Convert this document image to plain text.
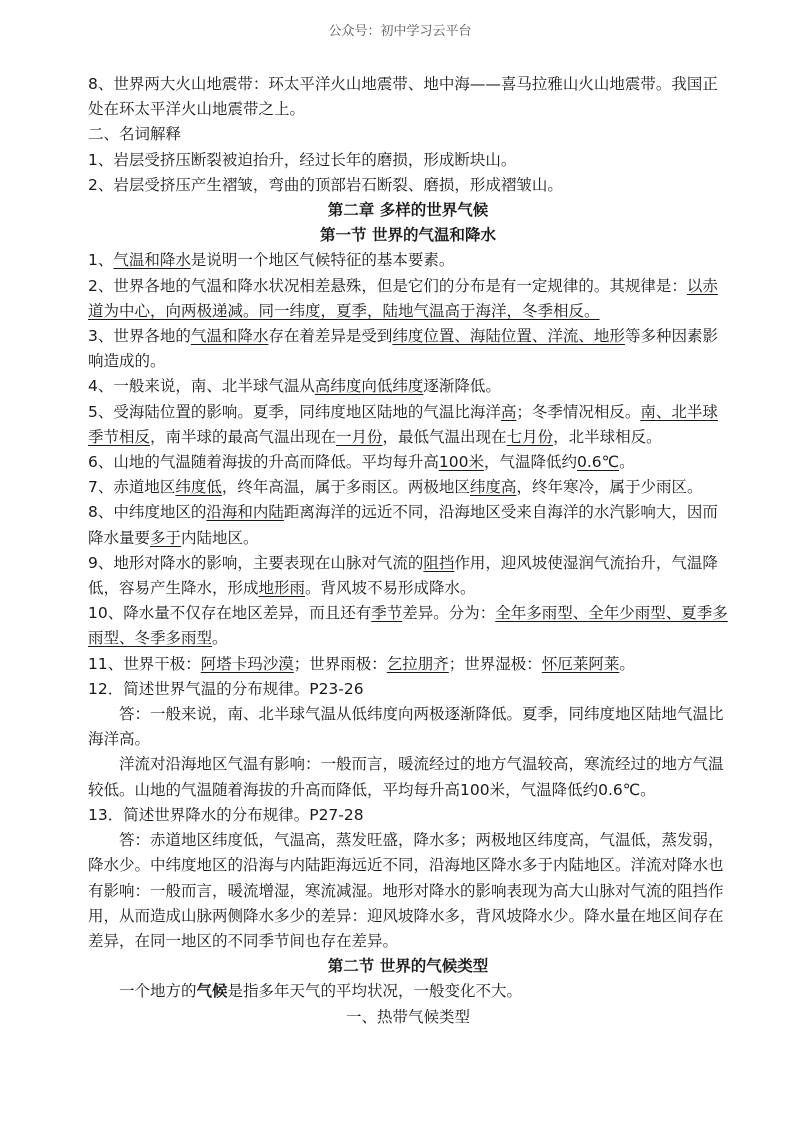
公众号：初中学习云平台

8、世界两大火山地震带：环太平洋火山地震带、地中海——喜马拉雅山火山地震带。我国正处在环太平洋火山地震带之上。

二、名词解释

1、岩层受挤压断裂被迫抬升，经过长年的磨损，形成断块山。

2、岩层受挤压产生褶皱，弯曲的顶部岩石断裂、磨损，形成褶皱山。

第二章 多样的世界气候

第一节 世界的气温和降水

1、气温和降水是说明一个地区气候特征的基本要素。

2、世界各地的气温和降水状况相差悬殊，但是它们的分布是有一定规律的。其规律是：以赤道为中心，向两极递减。同一纬度，夏季，陆地气温高于海洋，冬季相反。

3、世界各地的气温和降水存在着差异是受到纬度位置、海陆位置、洋流、地形等多种因素影响造成的。

4、一般来说，南、北半球气温从高纬度向低纬度逐渐降低。

5、受海陆位置的影响。夏季，同纬度地区陆地的气温比海洋高；冬季情况相反。南、北半球季节相反，南半球的最高气温出现在一月份，最低气温出现在七月份，北半球相反。

6、山地的气温随着海拔的升高而降低。平均每升高100米，气温降低约0.6℃。

7、赤道地区纬度低，终年高温，属于多雨区。两极地区纬度高，终年寒冷，属于少雨区。

8、中纬度地区的沿海和内陆距离海洋的远近不同，沿海地区受来自海洋的水汽影响大，因而降水量要多于内陆地区。

9、地形对降水的影响，主要表现在山脉对气流的阻挡作用，迎风坡使湿润气流抬升，气温降低，容易产生降水，形成地形雨。背风坡不易形成降水。

10、降水量不仅存在地区差异，而且还有季节差异。分为：全年多雨型、全年少雨型、夏季多雨型、冬季多雨型。

11、世界干极：阿塔卡玛沙漠；世界雨极：乞拉朋齐；世界湿极：怀厄莱阿莱。

12．简述世界气温的分布规律。P23-26

答：一般来说，南、北半球气温从低纬度向两极逐渐降低。夏季，同纬度地区陆地气温比海洋高。

洋流对沿海地区气温有影响：一般而言，暖流经过的地方气温较高，寒流经过的地方气温较低。山地的气温随着海拔的升高而降低，平均每升高100米，气温降低约0.6℃。

13．简述世界降水的分布规律。P27-28

答：赤道地区纬度低，气温高，蒸发旺盛，降水多；两极地区纬度高，气温低，蒸发弱，降水少。中纬度地区的沿海与内陆距海远近不同，沿海地区降水多于内陆地区。洋流对降水也有影响：一般而言，暖流增湿，寒流减湿。地形对降水的影响表现为高大山脉对气流的阻挡作用，从而造成山脉两侧降水多少的差异：迎风坡降水多，背风坡降水少。降水量在地区间存在差异，在同一地区的不同季节间也存在差异。

第二节 世界的气候类型

一个地方的气候是指多年天气的平均状况，一般变化不大。

一、热带气候类型
